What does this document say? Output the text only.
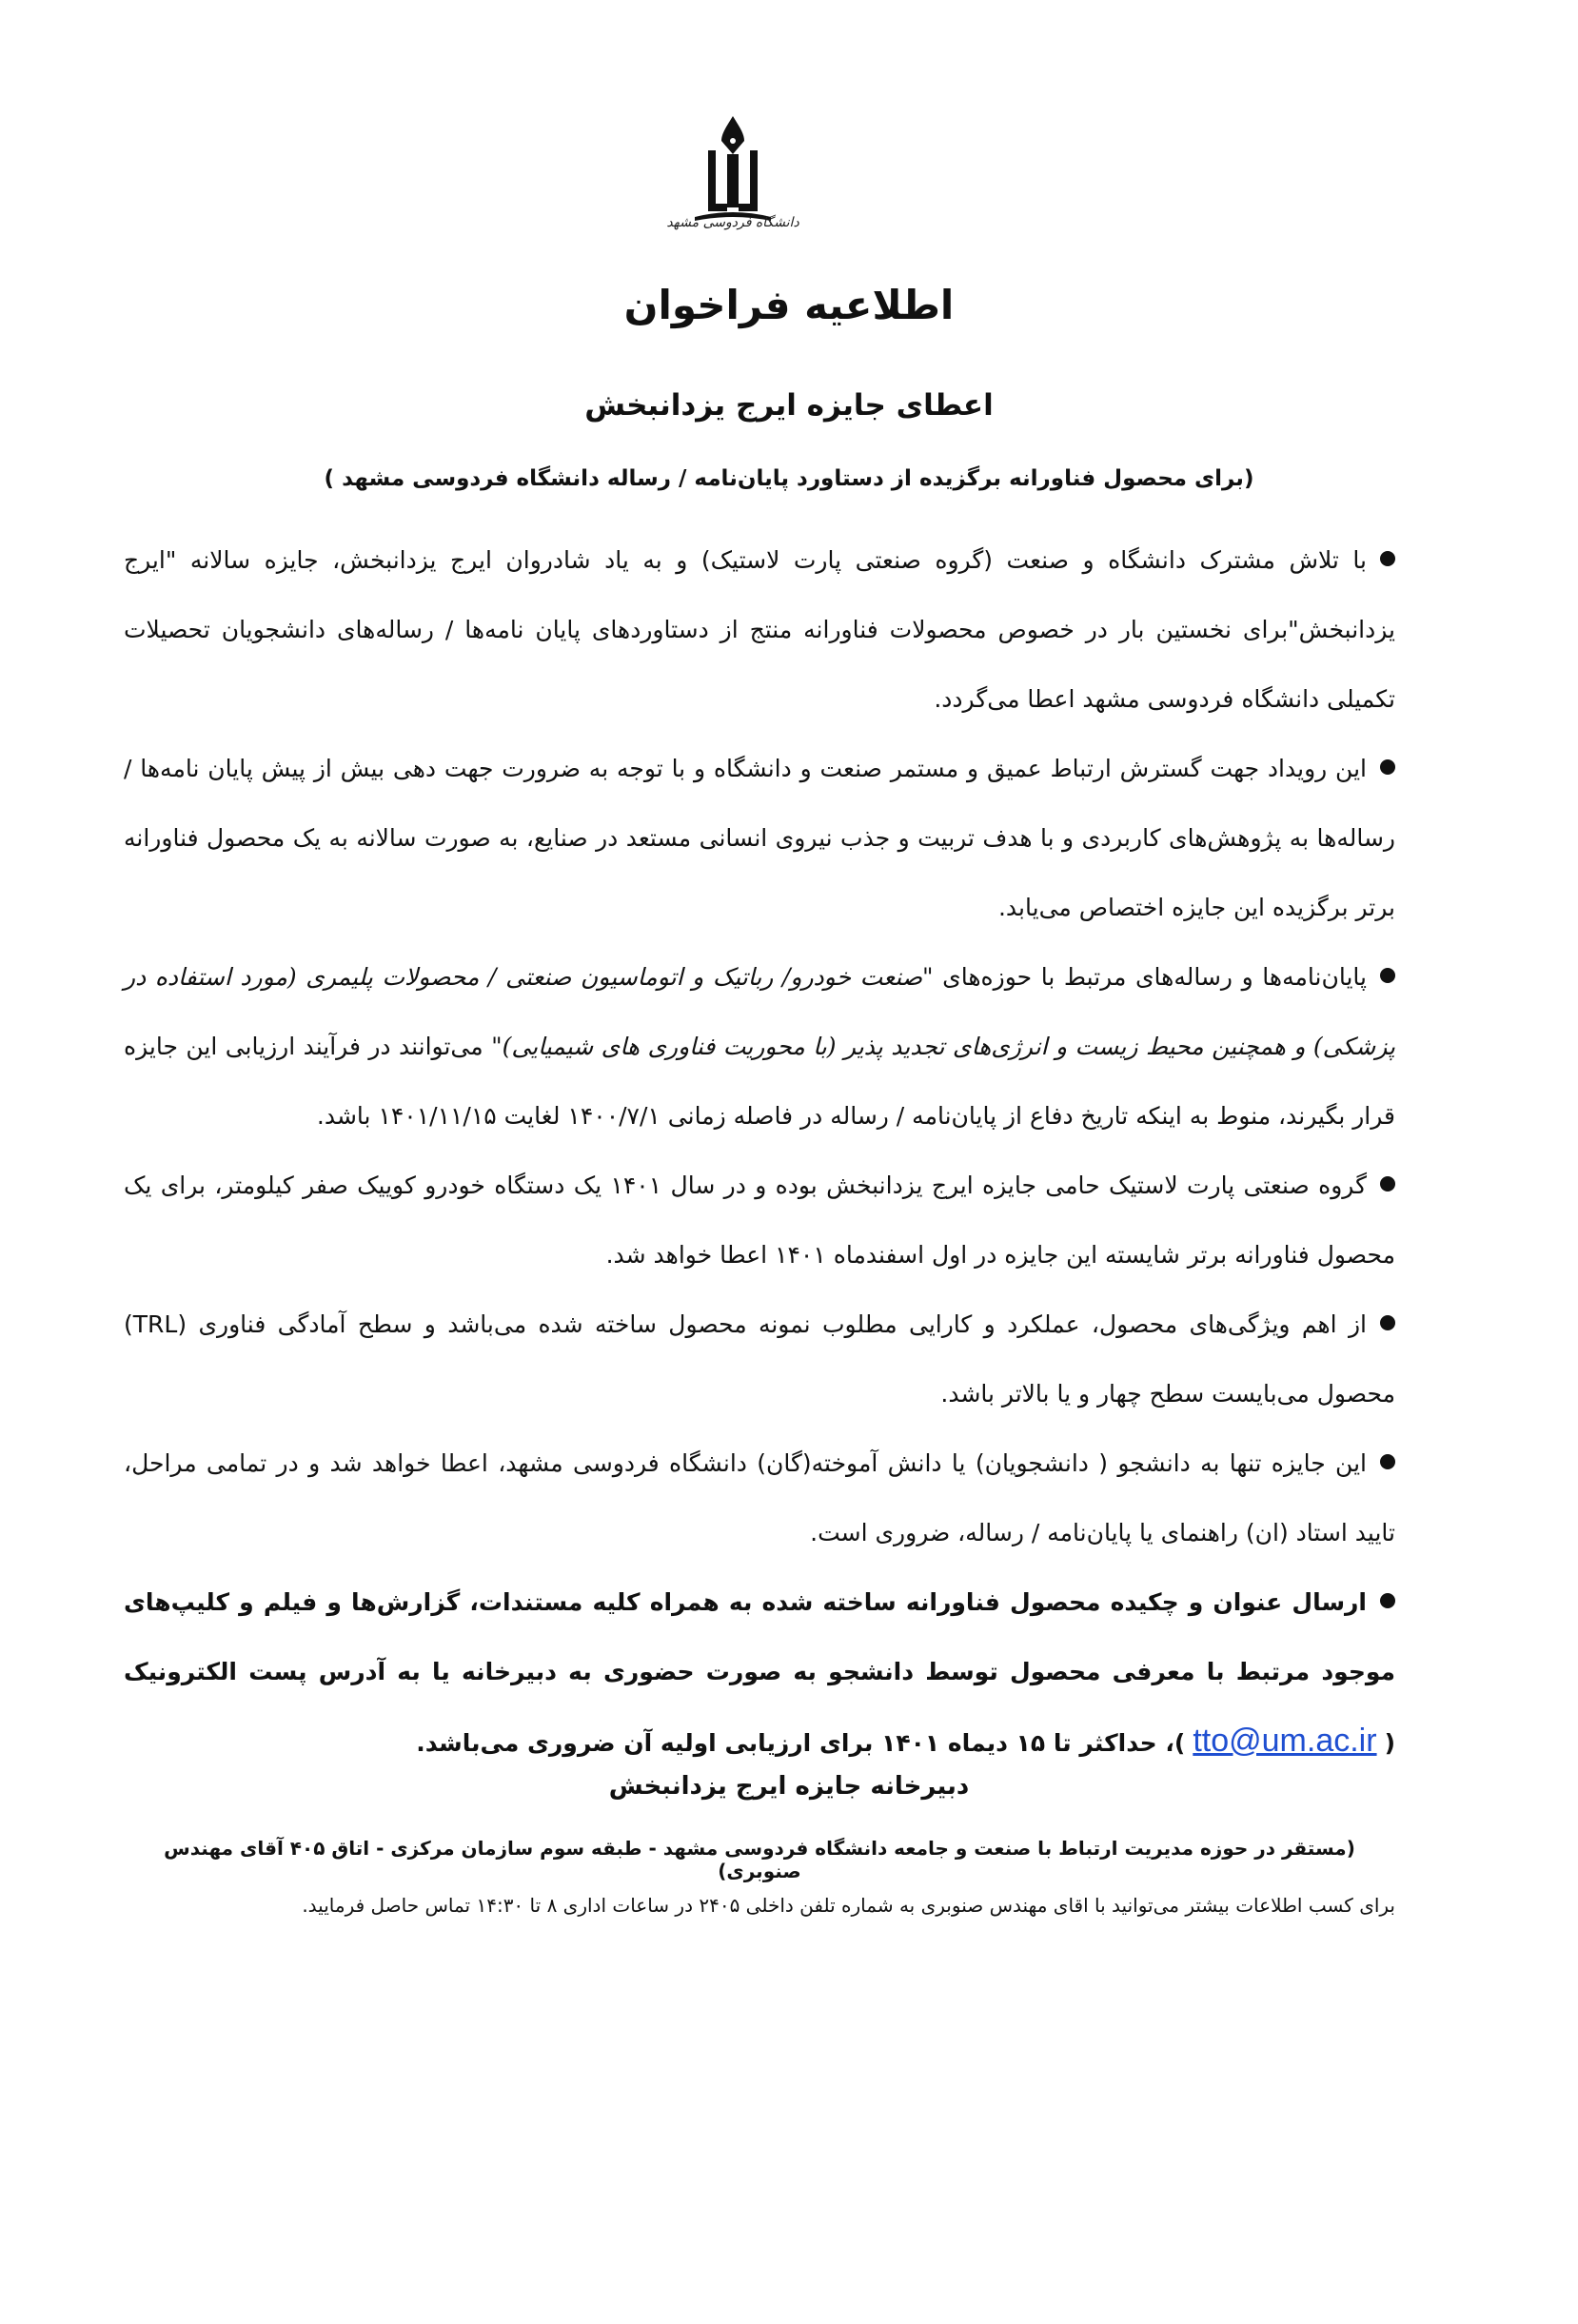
دانشگاه فردوسی مشهد
اطلاعیه فراخوان
اعطای جایزه ایرج یزدانبخش
(برای محصول فناورانه برگزیده از دستاورد پایان‌نامه / رساله دانشگاه فردوسی مشهد )

با تلاش مشترک دانشگاه و صنعت (گروه صنعتی پارت لاستیک) و به یاد شادروان ایرج یزدانبخش، جایزه سالانه "ایرج یزدانبخش"برای نخستین بار در خصوص محصولات فناورانه منتج از دستاوردهای پایان نامه‌ها / رساله‌های دانشجویان تحصیلات تکمیلی دانشگاه فردوسی مشهد اعطا می‌گردد.

این رویداد جهت گسترش ارتباط عمیق و مستمر صنعت و دانشگاه و با توجه به ضرورت جهت دهی بیش از پیش پایان نامه‌ها / رساله‌ها به پژوهش‌های کاربردی و با هدف تربیت و جذب نیروی انسانی مستعد در صنایع، به صورت سالانه به یک محصول فناورانه برتر برگزیده این جایزه اختصاص می‌یابد.

پایان‌نامه‌ها و رساله‌های مرتبط با حوزه‌های "صنعت خودرو/ رباتیک و اتوماسیون صنعتی / محصولات پلیمری (مورد استفاده در پزشکی) و همچنین محیط زیست و انرژی‌های تجدید پذیر (با محوریت فناوری های شیمیایی)" می‌توانند در فرآیند ارزیابی این جایزه قرار بگیرند، منوط به اینکه تاریخ دفاع از پایان‌نامه / رساله در فاصله زمانی ۱۴۰۰/۷/۱ لغایت ۱۴۰۱/۱۱/۱۵ باشد.

گروه صنعتی پارت لاستیک حامی جایزه ایرج یزدانبخش بوده و در سال ۱۴۰۱ یک دستگاه خودرو کوییک صفر کیلومتر، برای یک محصول فناورانه برتر شایسته این جایزه در اول اسفندماه ۱۴۰۱ اعطا خواهد شد.

از اهم ویژگی‌های محصول، عملکرد و کارایی مطلوب نمونه محصول ساخته شده می‌باشد و سطح آمادگی فناوری (TRL) محصول می‌بایست سطح چهار و یا بالاتر باشد.

این جایزه تنها به دانشجو ( دانشجویان) یا دانش آموخته(گان) دانشگاه فردوسی مشهد، اعطا خواهد شد و در تمامی مراحل، تایید استاد (ان) راهنمای یا پایان‌نامه / رساله، ضروری است.

ارسال عنوان و چکیده محصول فناورانه ساخته شده به همراه کلیه مستندات، گزارش‌ها و فیلم و کلیپ‌های موجود مرتبط با معرفی محصول توسط دانشجو به صورت حضوری به دبیرخانه یا به آدرس پست الکترونیک (tto@um.ac.ir)، حداکثر تا ۱۵ دیماه ۱۴۰۱ برای ارزیابی اولیه آن ضروری می‌باشد.

دبیرخانه جایزه ایرج یزدانبخش
(مستقر در حوزه مدیریت ارتباط با صنعت و جامعه دانشگاه فردوسی مشهد - طبقه سوم سازمان مرکزی - اتاق ۴۰۵ آقای مهندس صنوبری)
برای کسب اطلاعات بیشتر می‌توانید با اقای مهندس صنوبری به شماره تلفن داخلی ۲۴۰۵ در ساعات اداری ۸ تا ۱۴:۳۰ تماس حاصل فرمایید.
